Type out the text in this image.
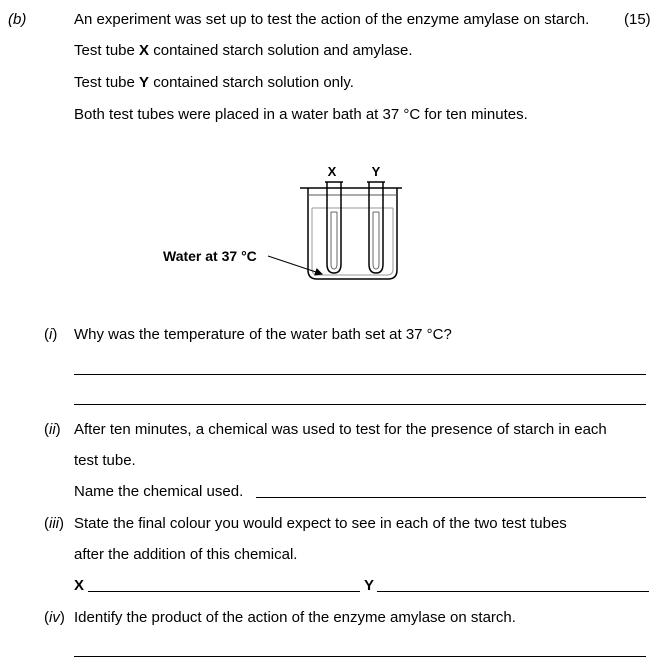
(b)	An experiment was set up to test the action of the enzyme amylase on starch. (15)
Test tube X contained starch solution and amylase.
Test tube Y contained starch solution only.
Both test tubes were placed in a water bath at 37 °C for ten minutes.
X	Y
Water at 37 °C
(i) Why was the temperature of the water bath set at 37 °C?
(ii) After ten minutes, a chemical was used to test for the presence of starch in each
test tube.
Name the chemical used.
(iii) State the final colour you would expect to see in each of the two test tubes
after the addition of this chemical.
X	Y
(iv) Identify the product of the action of the enzyme amylase on starch.
